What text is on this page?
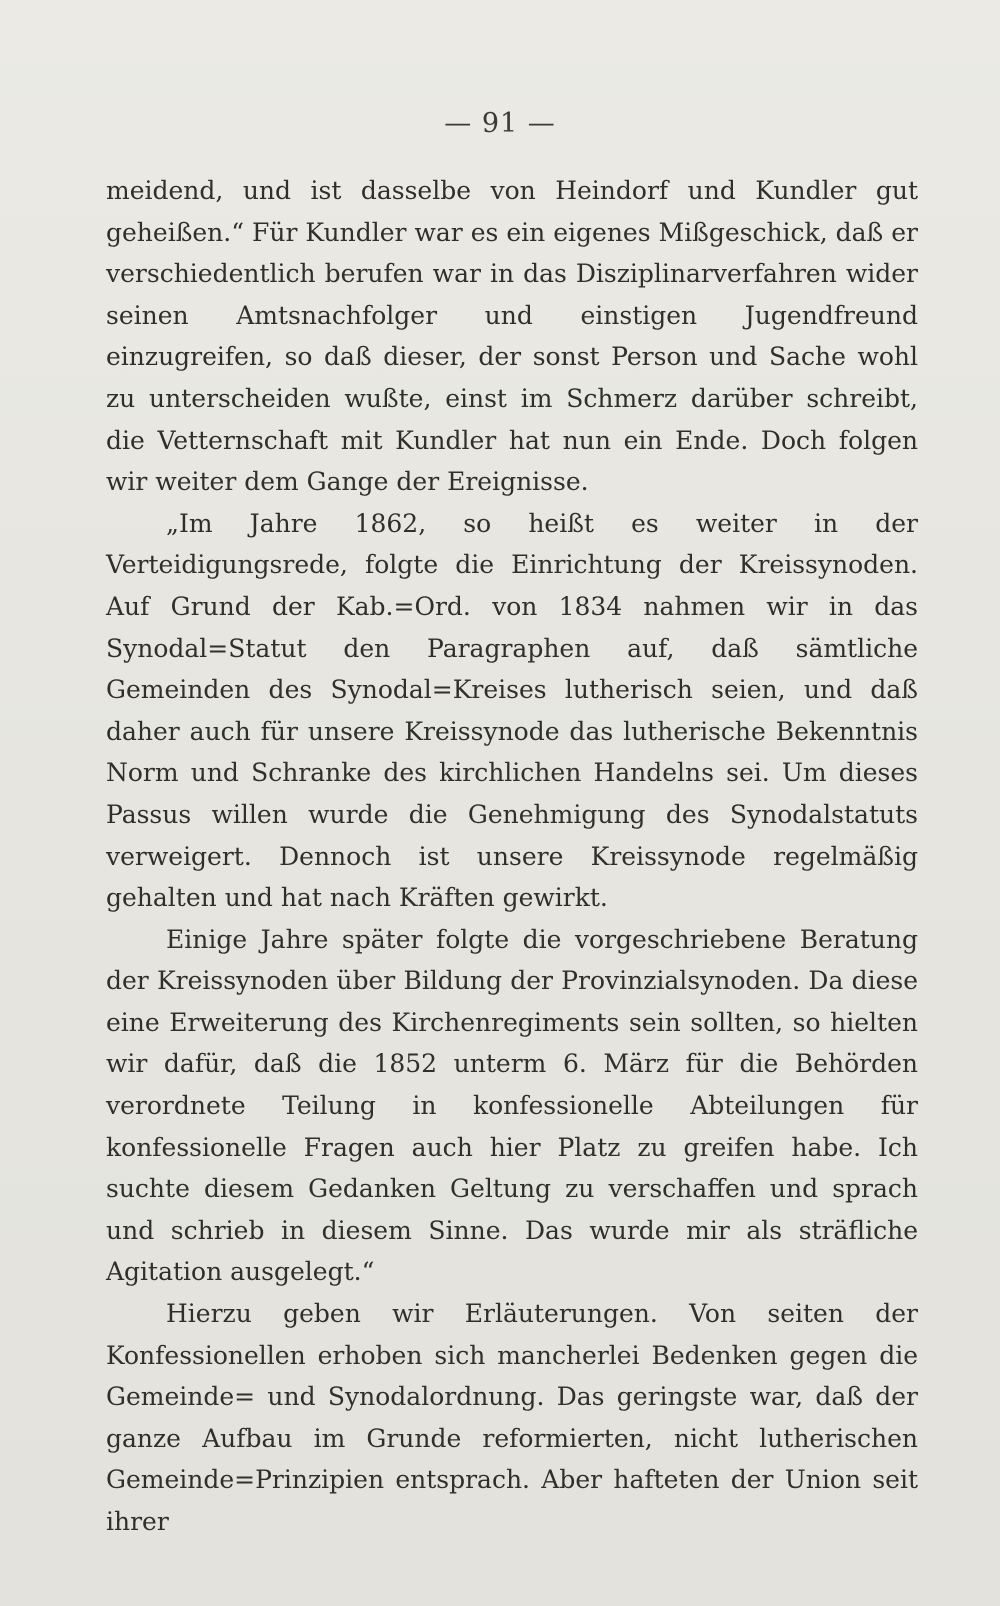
— 91 —

meidend, und ist dasselbe von Heindorf und Kundler gut geheißen.“ Für Kundler war es ein eigenes Mißgeschick, daß er verschiedentlich berufen war in das Disziplinarverfahren wider seinen Amtsnachfolger und einstigen Jugendfreund einzugreifen, so daß dieser, der sonst Person und Sache wohl zu unterscheiden wußte, einst im Schmerz darüber schreibt, die Vetternschaft mit Kundler hat nun ein Ende. Doch folgen wir weiter dem Gange der Ereignisse.

„Im Jahre 1862, so heißt es weiter in der Verteidigungsrede, folgte die Einrichtung der Kreissynoden. Auf Grund der Kab.=Ord. von 1834 nahmen wir in das Synodal=Statut den Paragraphen auf, daß sämtliche Gemeinden des Synodal=Kreises lutherisch seien, und daß daher auch für unsere Kreissynode das lutherische Bekenntnis Norm und Schranke des kirchlichen Handelns sei. Um dieses Passus willen wurde die Genehmigung des Synodalstatuts verweigert. Dennoch ist unsere Kreissynode regelmäßig gehalten und hat nach Kräften gewirkt.

Einige Jahre später folgte die vorgeschriebene Beratung der Kreissynoden über Bildung der Provinzialsynoden. Da diese eine Erweiterung des Kirchenregiments sein sollten, so hielten wir dafür, daß die 1852 unterm 6. März für die Behörden verordnete Teilung in konfessionelle Abteilungen für konfessionelle Fragen auch hier Platz zu greifen habe. Ich suchte diesem Gedanken Geltung zu verschaffen und sprach und schrieb in diesem Sinne. Das wurde mir als sträfliche Agitation ausgelegt.“

Hierzu geben wir Erläuterungen. Von seiten der Konfessionellen erhoben sich mancherlei Bedenken gegen die Gemeinde= und Synodalordnung. Das geringste war, daß der ganze Aufbau im Grunde reformierten, nicht lutherischen Gemeinde=Prinzipien entsprach. Aber hafteten der Union seit ihrer
